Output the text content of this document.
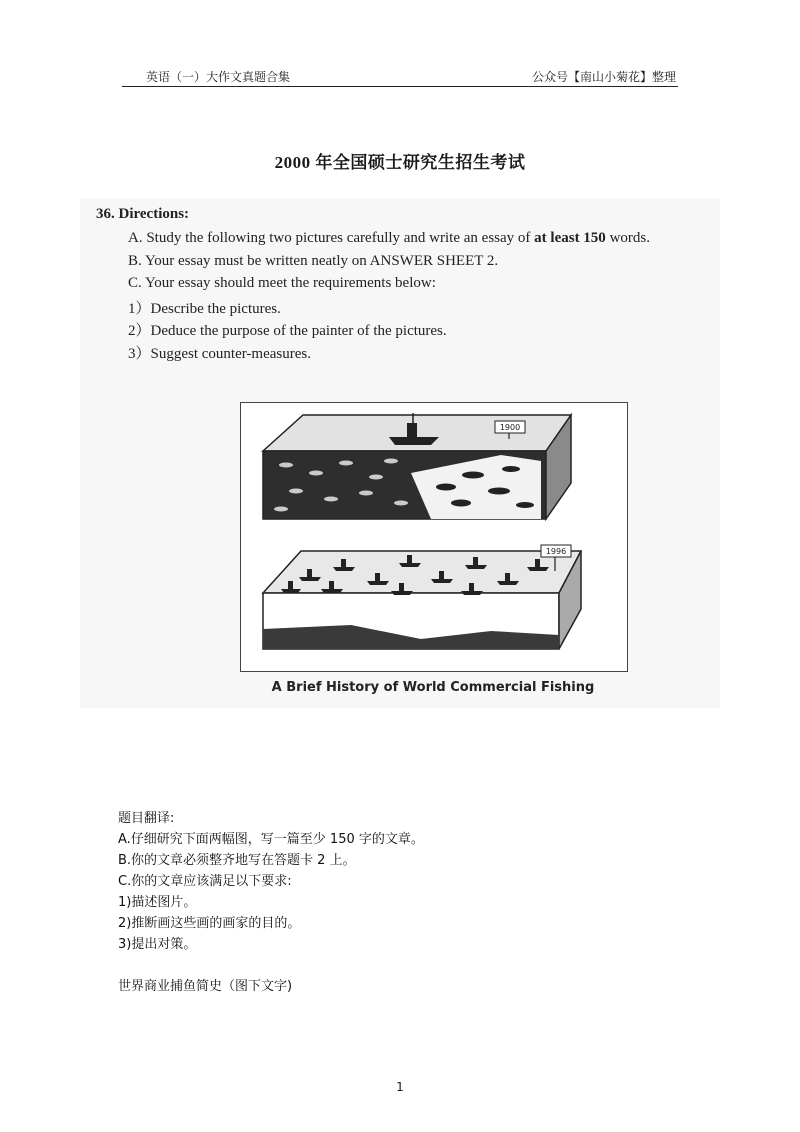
英语（一）大作文真题合集	公众号【南山小菊花】整理
2000 年全国硕士研究生招生考试
36. Directions:
A. Study the following two pictures carefully and write an essay of at least 150 words.
B. Your essay must be written neatly on ANSWER SHEET 2.
C. Your essay should meet the requirements below:
1）Describe the pictures.
2）Deduce the purpose of the painter of the pictures.
3）Suggest counter-measures.
1900
1996
A Brief History of World Commercial Fishing
题目翻译:
A.仔细研究下面两幅图，写一篇至少 150 字的文章。
B.你的文章必须整齐地写在答题卡 2 上。
C.你的文章应该满足以下要求:
1)描述图片。
2)推断画这些画的画家的目的。
3)提出对策。
世界商业捕鱼简史（图下文字)
1
